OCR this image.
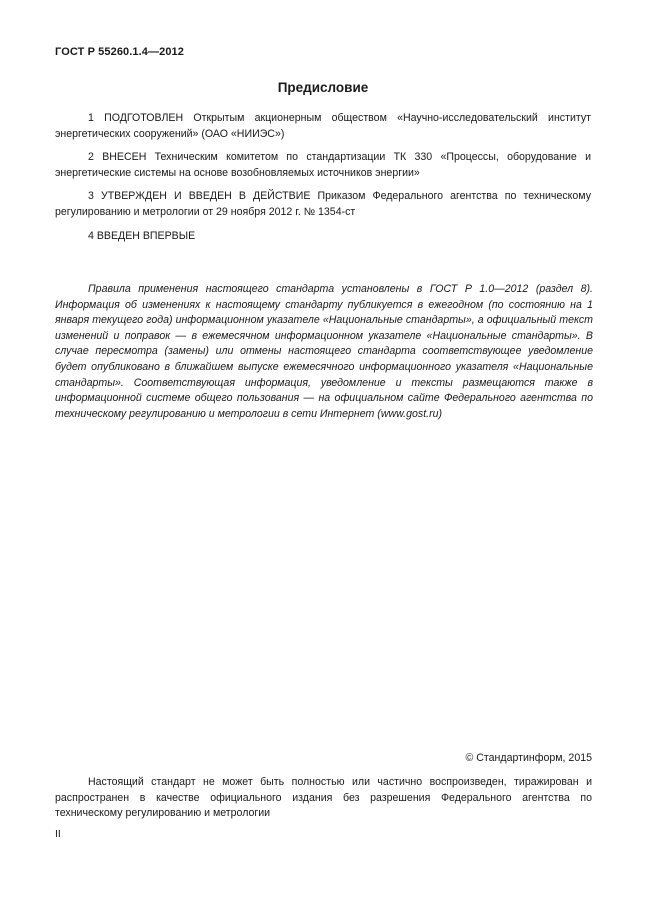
ГОСТ Р 55260.1.4—2012
Предисловие

1 ПОДГОТОВЛЕН Открытым акционерным обществом «Научно-исследовательский институт энергетических сооружений» (ОАО «НИИЭС»)

2 ВНЕСЕН Техническим комитетом по стандартизации ТК 330 «Процессы, оборудование и энергетические системы на основе возобновляемых источников энергии»

3 УТВЕРЖДЕН И ВВЕДЕН В ДЕЙСТВИЕ Приказом Федерального агентства по техническому регулированию и метрологии от 29 ноября 2012 г. № 1354-ст

4 ВВЕДЕН ВПЕРВЫЕ

Правила применения настоящего стандарта установлены в ГОСТ Р 1.0—2012 (раздел 8). Информация об изменениях к настоящему стандарту публикуется в ежегодном (по состоянию на 1 января текущего года) информационном указателе «Национальные стандарты», а официальный текст изменений и поправок — в ежемесячном информационном указателе «Национальные стандарты». В случае пересмотра (замены) или отмены настоящего стандарта соответствующее уведомление будет опубликовано в ближайшем выпуске ежемесячного информационного указателя «Национальные стандарты». Соответствующая информация, уведомление и тексты размещаются также в информационной системе общего пользования — на официальном сайте Федерального агентства по техническому регулированию и метрологии в сети Интернет (www.gost.ru)

© Стандартинформ, 2015

Настоящий стандарт не может быть полностью или частично воспроизведен, тиражирован и распространен в качестве официального издания без разрешения Федерального агентства по техническому регулированию и метрологии

II
